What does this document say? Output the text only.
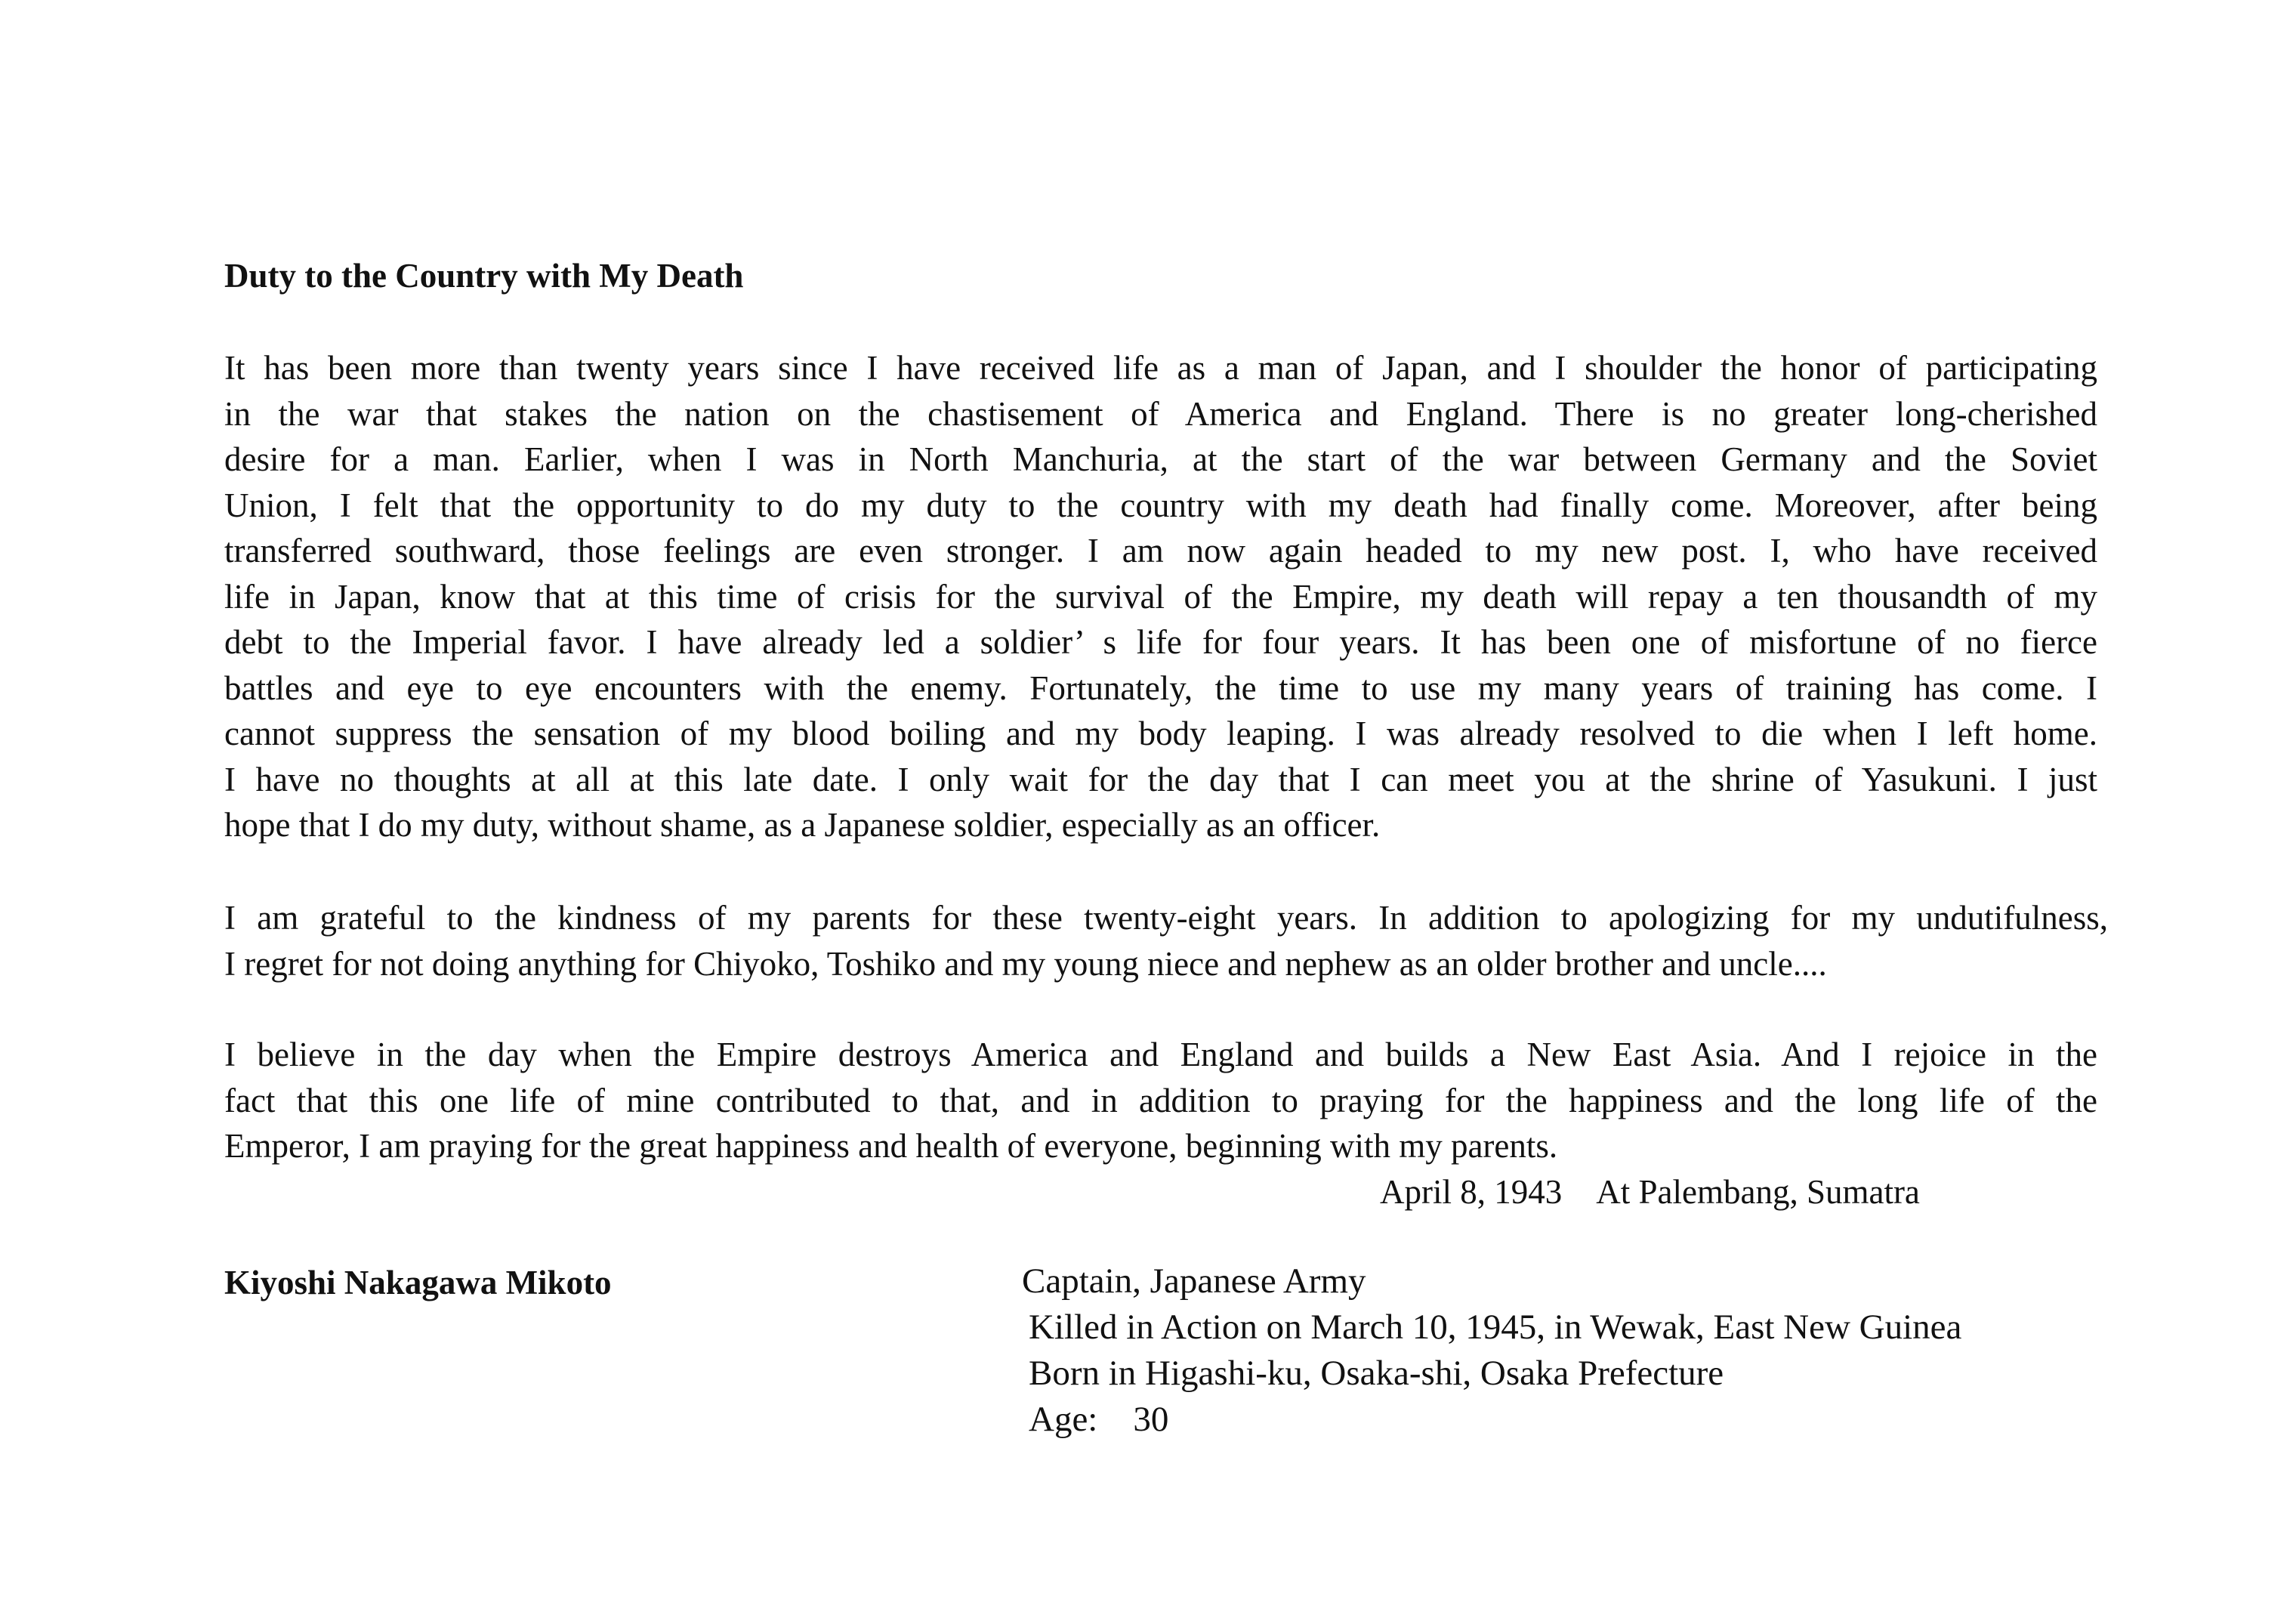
Duty to the Country with My Death
It has been more than twenty years since I have received life as a man of Japan, and I shoulder the honor of participating
in the war that stakes the nation on the chastisement of America and England. There is no greater long-cherished
desire for a man. Earlier, when I was in North Manchuria, at the start of the war between Germany and the Soviet
Union, I felt that the opportunity to do my duty to the country with my death had finally come. Moreover, after being
transferred southward, those feelings are even stronger. I am now again headed to my new post. I, who have received
life in Japan, know that at this time of crisis for the survival of the Empire, my death will repay a ten thousandth of my
debt to the Imperial favor. I have already led a soldier’ s life for four years. It has been one of misfortune of no fierce
battles and eye to eye encounters with the enemy. Fortunately, the time to use my many years of training has come. I
cannot suppress the sensation of my blood boiling and my body leaping. I was already resolved to die when I left home.
I have no thoughts at all at this late date. I only wait for the day that I can meet you at the shrine of Yasukuni. I just
hope that I do my duty, without shame, as a Japanese soldier, especially as an officer.
I am grateful to the kindness of my parents for these twenty-eight years. In addition to apologizing for my undutifulness,
I regret for not doing anything for Chiyoko, Toshiko and my young niece and nephew as an older brother and uncle....
I believe in the day when the Empire destroys America and England and builds a New East Asia. And I rejoice in the
fact that this one life of mine contributed to that, and in addition to praying for the happiness and the long life of the
Emperor, I am praying for the great happiness and health of everyone, beginning with my parents.
April 8, 1943　At Palembang, Sumatra
Kiyoshi Nakagawa Mikoto	Captain, Japanese Army
Killed in Action on March 10, 1945, in Wewak, East New Guinea
Born in Higashi-ku, Osaka-shi, Osaka Prefecture
Age:　30
